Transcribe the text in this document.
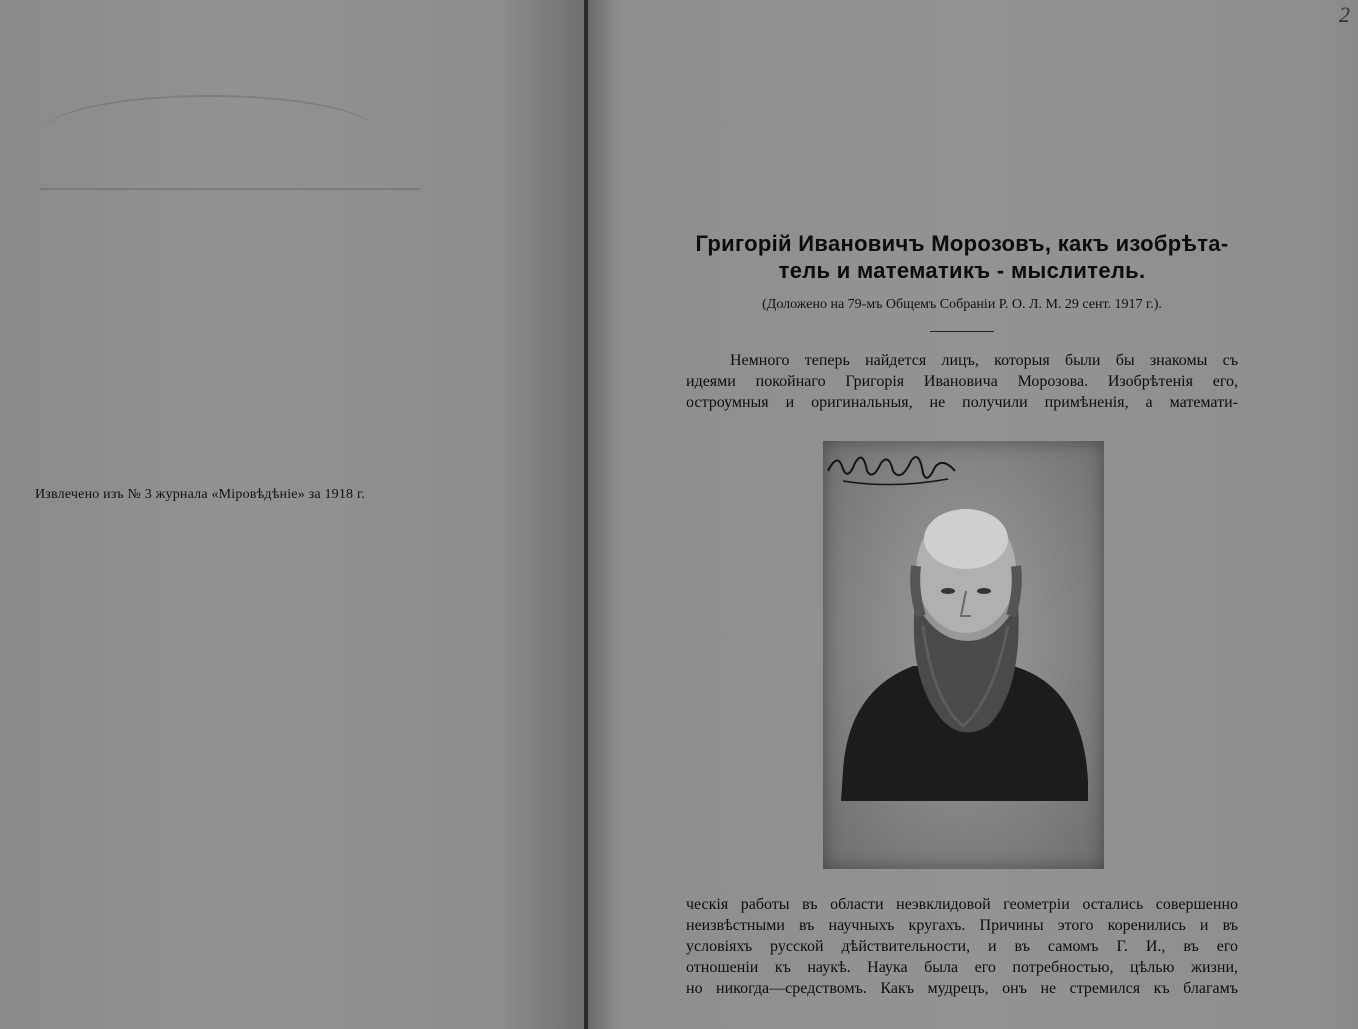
Извлечено изъ № 3 журнала «Міровѣдѣніе» за 1918 г.
2
Григорій Ивановичъ Морозовъ, какъ изобрѣта-
тель и математикъ - мыслитель.
(Доложено на 79-мъ Общемъ Собраніи Р. О. Л. М. 29 сент. 1917 г.).
Немного теперь найдется лицъ, которыя были бы знакомы съ
идеями покойнаго Григорія Ивановича Морозова. Изобрѣтенія его,
остроумныя и оригинальныя, не получили примѣненія, а математи-
ческія работы въ области неэвклидовой геометріи остались совершенно
неизвѣстными въ научныхъ кругахъ. Причины этого коренились и въ
условіяхъ русской дѣйствительности, и въ самомъ Г. И., въ его
отношеніи къ наукѣ. Наука была его потребностью, цѣлью жизни,
но никогда—средствомъ. Какъ мудрецъ, онъ не стремился къ благамъ
